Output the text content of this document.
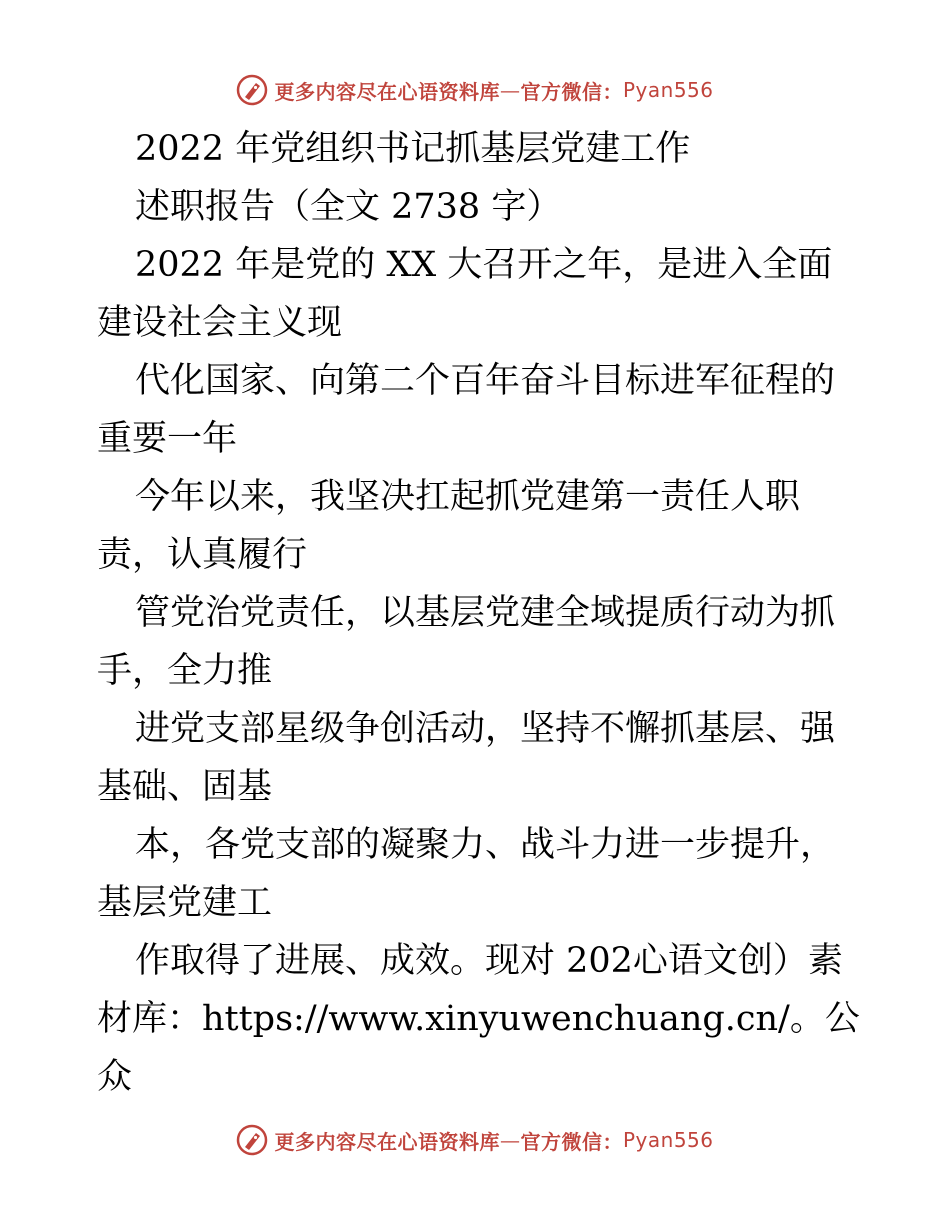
更多内容尽在心语资料库 — 官方微信： Pyan556

2022 年党组织书记抓基层党建工作

述职报告（全文 2738 字）

2022 年是党的 XX 大召开之年，是进入全面建设社会主义现

代化国家、向第二个百年奋斗目标进军征程的重要一年

今年以来，我坚决扛起抓党建第一责任人职责，认真履行

管党治党责任，以基层党建全域提质行动为抓手，全力推

进党支部星级争创活动，坚持不懈抓基层、强基础、固基

本，各党支部的凝聚力、战斗力进一步提升，基层党建工

作取得了进展、成效。现对 202心语文创）素材库：https://www.xinyuwenchuang.cn/。公众

更多内容尽在心语资料库 — 官方微信： Pyan556
